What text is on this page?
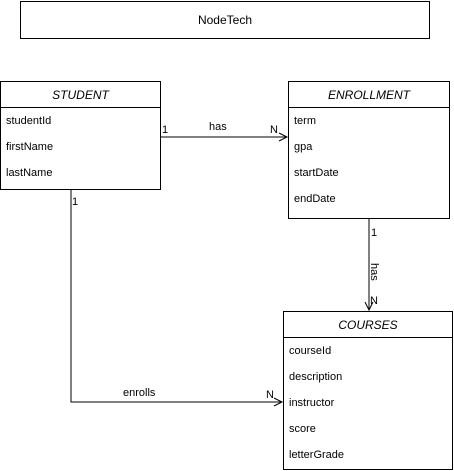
NodeTech
STUDENT
studentId
firstName
lastName
ENROLLMENT
term
gpa
startDate
endDate
COURSES
courseId
description
instructor
score
letterGrade
1	has	N
1
has
N
1
enrolls	N
